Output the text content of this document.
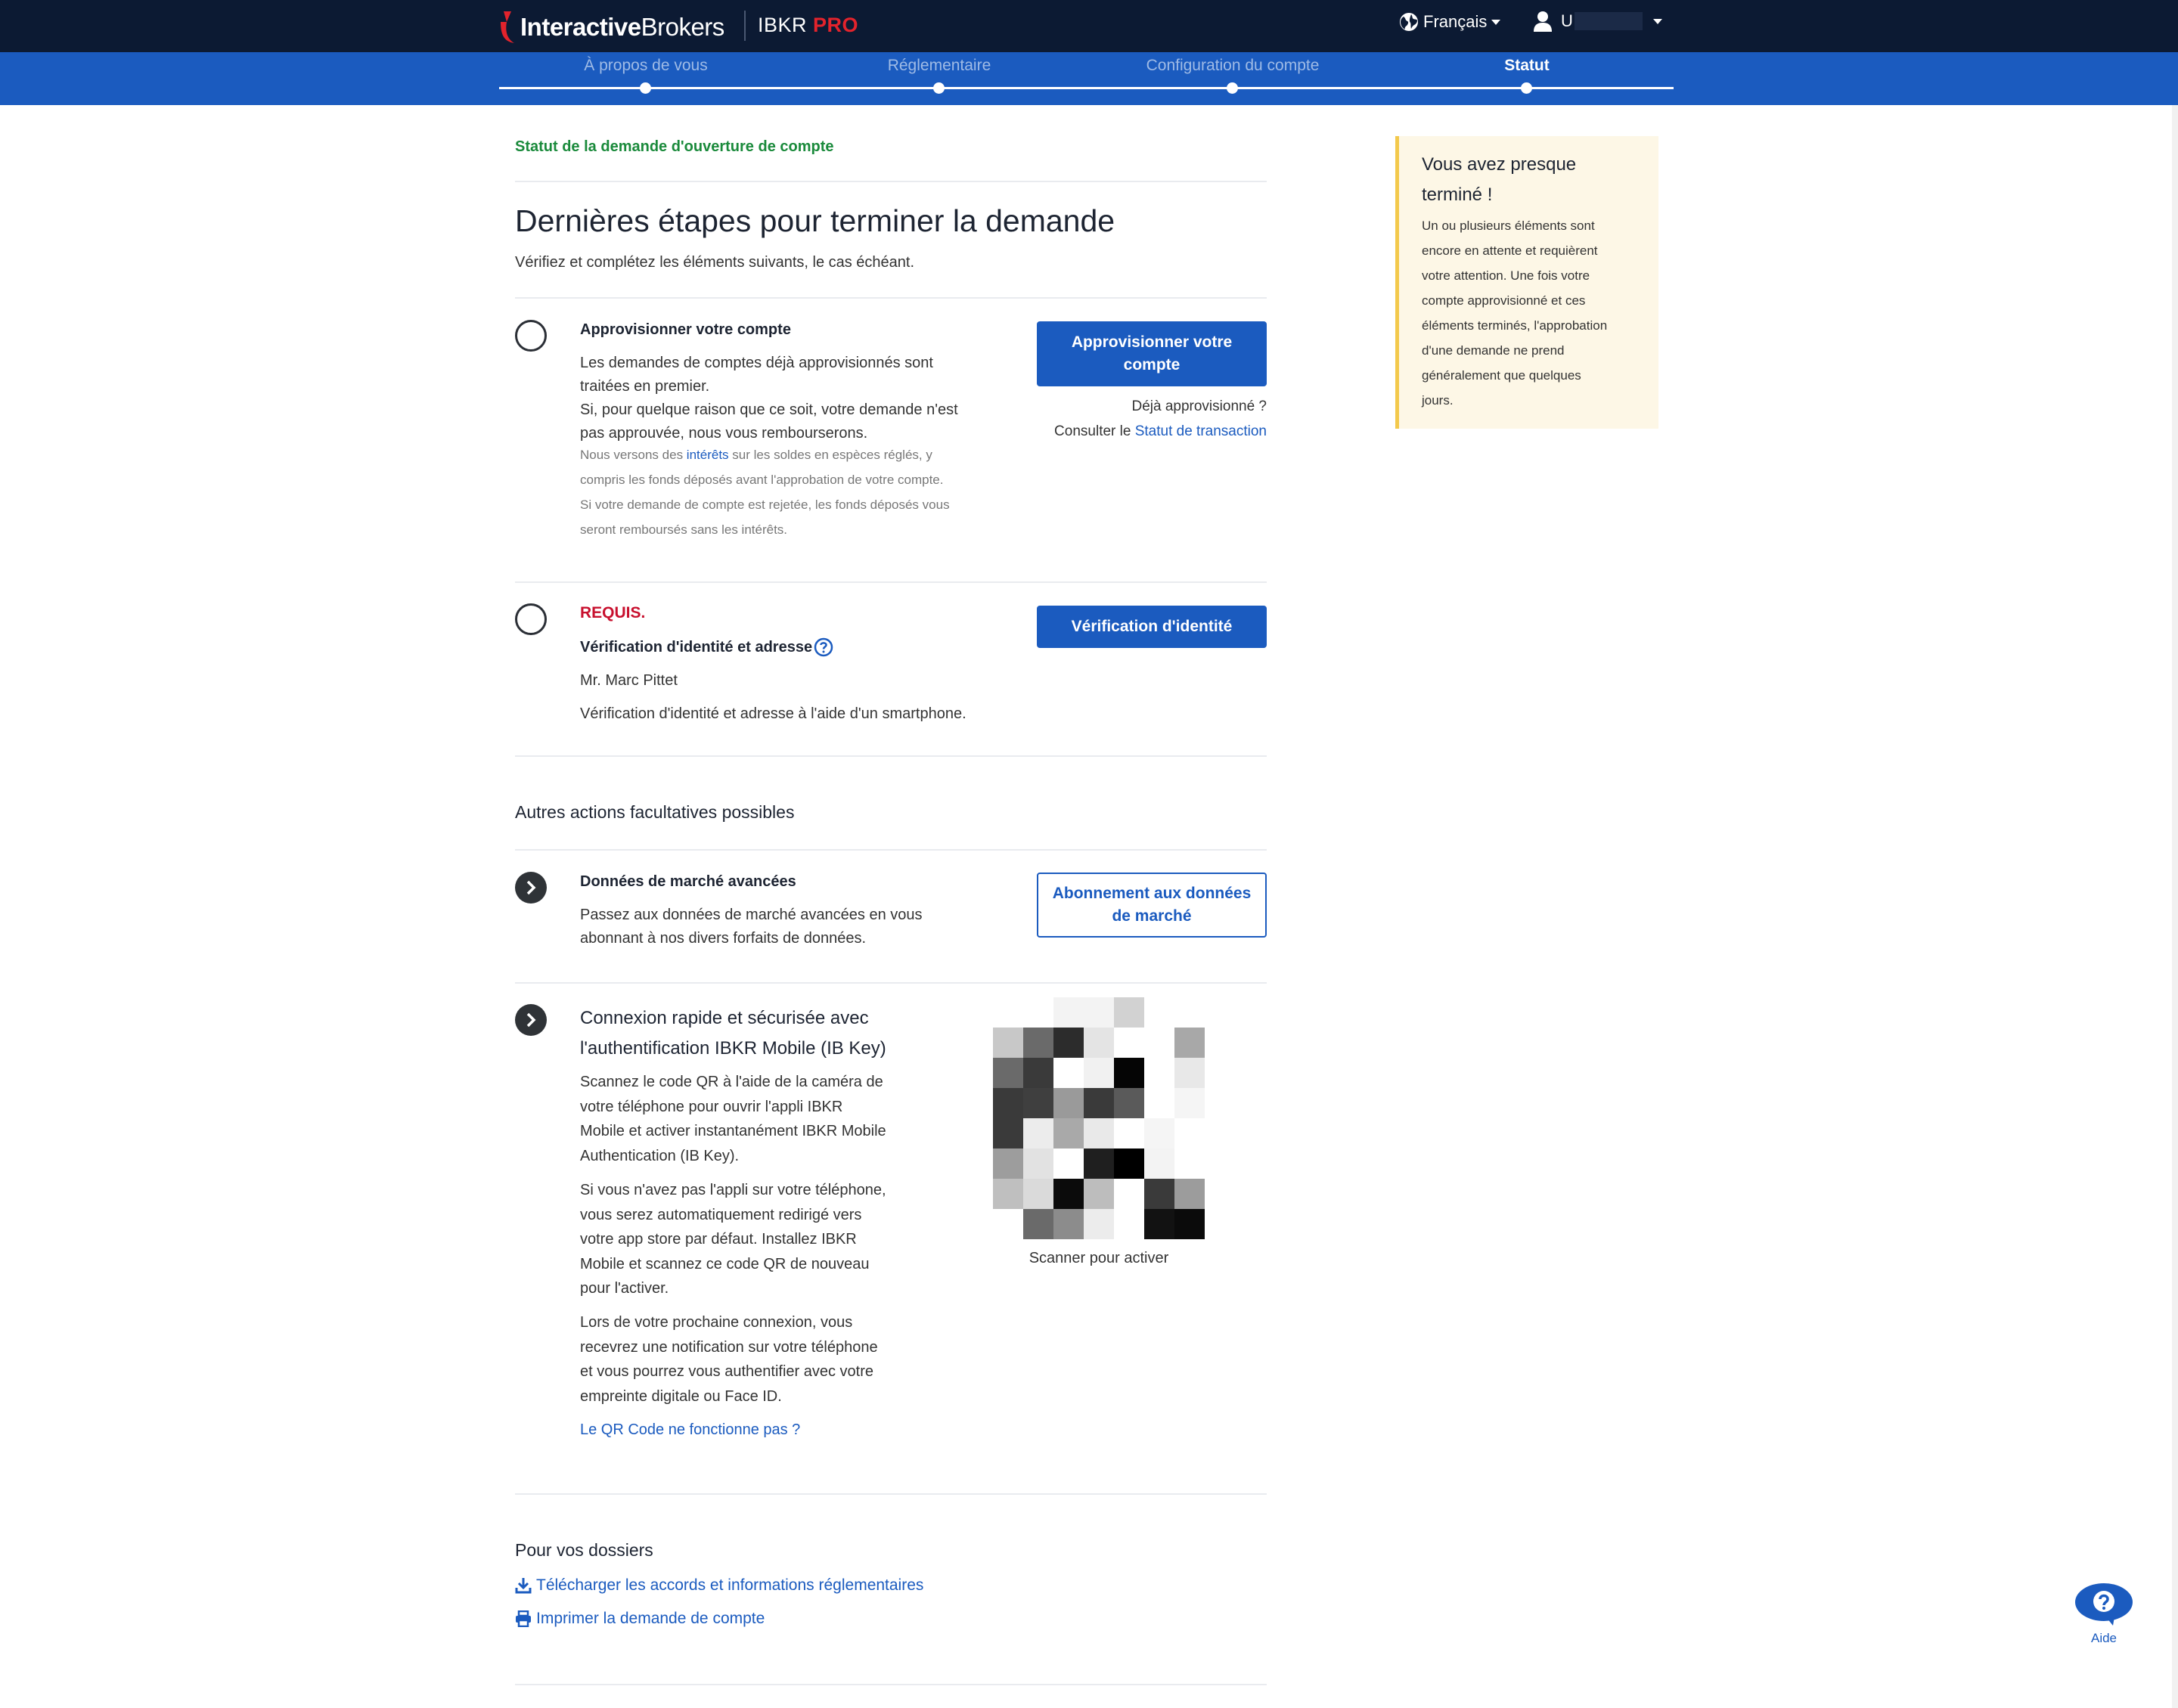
InteractiveBrokers IBKR PRO	Français	U
À propos de vous	Réglementaire	Configuration du compte	Statut
Statut de la demande d'ouverture de compte
Dernières étapes pour terminer la demande
Vérifiez et complétez les éléments suivants, le cas échéant.
Approvisionner votre compte
Les demandes de comptes déjà approvisionnés sont
traitées en premier.
Si, pour quelque raison que ce soit, votre demande n'est
pas approuvée, nous vous rembourserons.
Nous versons des intérêts sur les soldes en espèces réglés, y
compris les fonds déposés avant l'approbation de votre compte.
Si votre demande de compte est rejetée, les fonds déposés vous
seront remboursés sans les intérêts.
Approvisionner votre
compte
Déjà approvisionné ?
Consulter le Statut de transaction
REQUIS.
Vérification d'identité et adresse
Mr. Marc Pittet
Vérification d'identité et adresse à l'aide d'un smartphone.
Vérification d'identité
Autres actions facultatives possibles
Données de marché avancées
Passez aux données de marché avancées en vous
abonnant à nos divers forfaits de données.
Abonnement aux données
de marché
Connexion rapide et sécurisée avec
l'authentification IBKR Mobile (IB Key)
Scannez le code QR à l'aide de la caméra de
votre téléphone pour ouvrir l'appli IBKR
Mobile et activer instantanément IBKR Mobile
Authentication (IB Key).
Si vous n'avez pas l'appli sur votre téléphone,
vous serez automatiquement redirigé vers
votre app store par défaut. Installez IBKR
Mobile et scannez ce code QR de nouveau
pour l'activer.
Lors de votre prochaine connexion, vous
recevrez une notification sur votre téléphone
et vous pourrez vous authentifier avec votre
empreinte digitale ou Face ID.
Le QR Code ne fonctionne pas ?
Scanner pour activer
Pour vos dossiers
Télécharger les accords et informations réglementaires
Imprimer la demande de compte
Vous avez presque
terminé !
Un ou plusieurs éléments sont
encore en attente et requièrent
votre attention. Une fois votre
compte approvisionné et ces
éléments terminés, l'approbation
d'une demande ne prend
généralement que quelques
jours.
Aide
